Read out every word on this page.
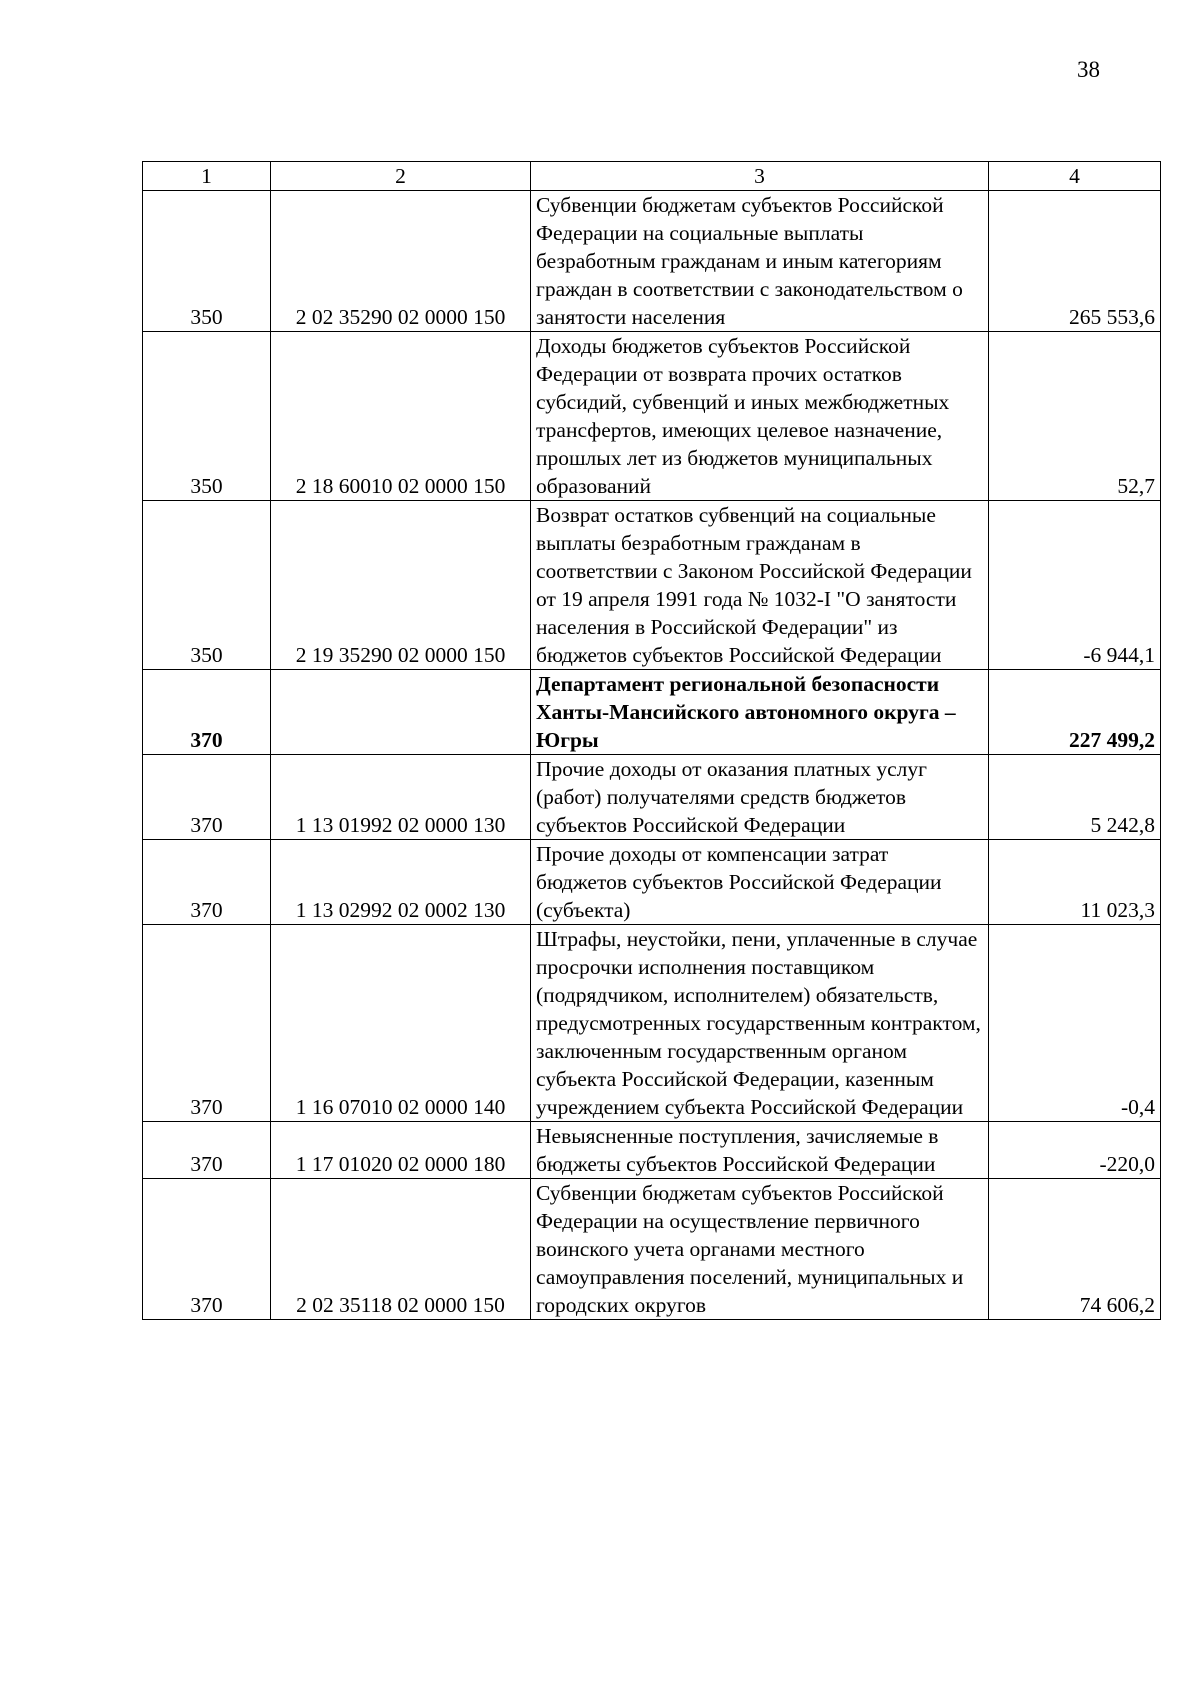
38
1	2	3	4
350	2 02 35290 02 0000 150	Субвенции бюджетам субъектов Российской Федерации на социальные выплаты безработным гражданам и иным категориям граждан в соответствии с законодательством о занятости населения	265 553,6
350	2 18 60010 02 0000 150	Доходы бюджетов субъектов Российской Федерации от возврата прочих остатков субсидий, субвенций и иных межбюджетных трансфертов, имеющих целевое назначение, прошлых лет из бюджетов муниципальных образований	52,7
350	2 19 35290 02 0000 150	Возврат остатков субвенций на социальные выплаты безработным гражданам в соответствии с Законом Российской Федерации от 19 апреля 1991 года № 1032-I "О занятости населения в Российской Федерации" из бюджетов субъектов Российской Федерации	-6 944,1
370		Департамент региональной безопасности Ханты-Мансийского автономного округа – Югры	227 499,2
370	1 13 01992 02 0000 130	Прочие доходы от оказания платных услуг (работ) получателями средств бюджетов субъектов Российской Федерации	5 242,8
370	1 13 02992 02 0002 130	Прочие доходы от компенсации затрат бюджетов субъектов Российской Федерации (субъекта)	11 023,3
370	1 16 07010 02 0000 140	Штрафы, неустойки, пени, уплаченные в случае просрочки исполнения поставщиком (подрядчиком, исполнителем) обязательств, предусмотренных государственным контрактом, заключенным государственным органом субъекта Российской Федерации, казенным учреждением субъекта Российской Федерации	-0,4
370	1 17 01020 02 0000 180	Невыясненные поступления, зачисляемые в бюджеты субъектов Российской Федерации	-220,0
370	2 02 35118 02 0000 150	Субвенции бюджетам субъектов Российской Федерации на осуществление первичного воинского учета органами местного самоуправления поселений, муниципальных и городских округов	74 606,2
